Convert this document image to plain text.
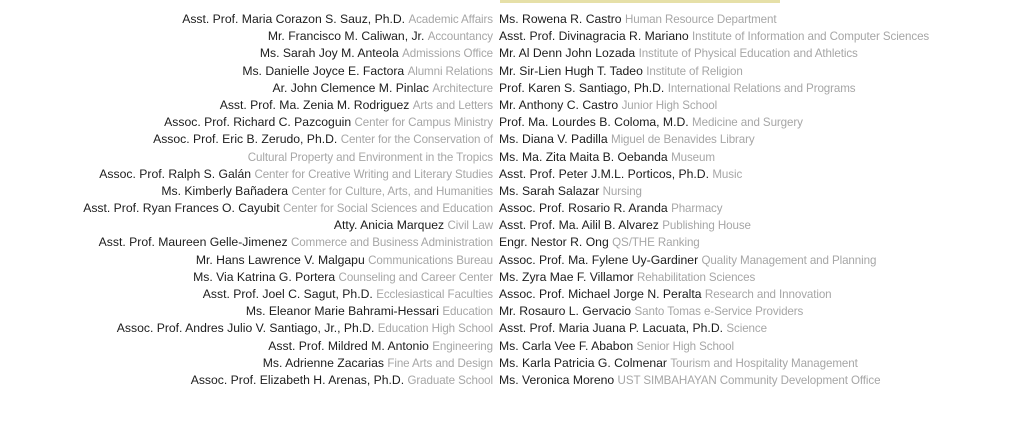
Asst. Prof. Maria Corazon S. Sauz, Ph.D. Academic Affairs
Mr. Francisco M. Caliwan, Jr. Accountancy
Ms. Sarah Joy M. Anteola Admissions Office
Ms. Danielle Joyce E. Factora Alumni Relations
Ar. John Clemence M. Pinlac Architecture
Asst. Prof. Ma. Zenia M. Rodriguez Arts and Letters
Assoc. Prof. Richard C. Pazcoguin Center for Campus Ministry
Assoc. Prof. Eric B. Zerudo, Ph.D. Center for the Conservation of
Cultural Property and Environment in the Tropics
Assoc. Prof. Ralph S. Galán Center for Creative Writing and Literary Studies
Ms. Kimberly Bañadera Center for Culture, Arts, and Humanities
Asst. Prof. Ryan Frances O. Cayubit Center for Social Sciences and Education
Atty. Anicia Marquez Civil Law
Asst. Prof. Maureen Gelle-Jimenez Commerce and Business Administration
Mr. Hans Lawrence V. Malgapu Communications Bureau
Ms. Via Katrina G. Portera Counseling and Career Center
Asst. Prof. Joel C. Sagut, Ph.D. Ecclesiastical Faculties
Ms. Eleanor Marie Bahrami-Hessari Education
Assoc. Prof. Andres Julio V. Santiago, Jr., Ph.D. Education High School
Asst. Prof. Mildred M. Antonio Engineering
Ms. Adrienne Zacarias Fine Arts and Design
Assoc. Prof. Elizabeth H. Arenas, Ph.D. Graduate School
Ms. Rowena R. Castro Human Resource Department
Asst. Prof. Divinagracia R. Mariano Institute of Information and Computer Sciences
Mr. Al Denn John Lozada Institute of Physical Education and Athletics
Mr. Sir-Lien Hugh T. Tadeo Institute of Religion
Prof. Karen S. Santiago, Ph.D. International Relations and Programs
Mr. Anthony C. Castro Junior High School
Prof. Ma. Lourdes B. Coloma, M.D. Medicine and Surgery
Ms. Diana V. Padilla Miguel de Benavides Library
Ms. Ma. Zita Maita B. Oebanda Museum
Asst. Prof. Peter J.M.L. Porticos, Ph.D. Music
Ms. Sarah Salazar Nursing
Assoc. Prof. Rosario R. Aranda Pharmacy
Asst. Prof. Ma. Ailil B. Alvarez Publishing House
Engr. Nestor R. Ong QS/THE Ranking
Assoc. Prof. Ma. Fylene Uy-Gardiner Quality Management and Planning
Ms. Zyra Mae F. Villamor Rehabilitation Sciences
Assoc. Prof. Michael Jorge N. Peralta Research and Innovation
Mr. Rosauro L. Gervacio Santo Tomas e-Service Providers
Asst. Prof. Maria Juana P. Lacuata, Ph.D. Science
Ms. Carla Vee F. Ababon Senior High School
Ms. Karla Patricia G. Colmenar Tourism and Hospitality Management
Ms. Veronica Moreno UST SIMBAHAYAN Community Development Office
